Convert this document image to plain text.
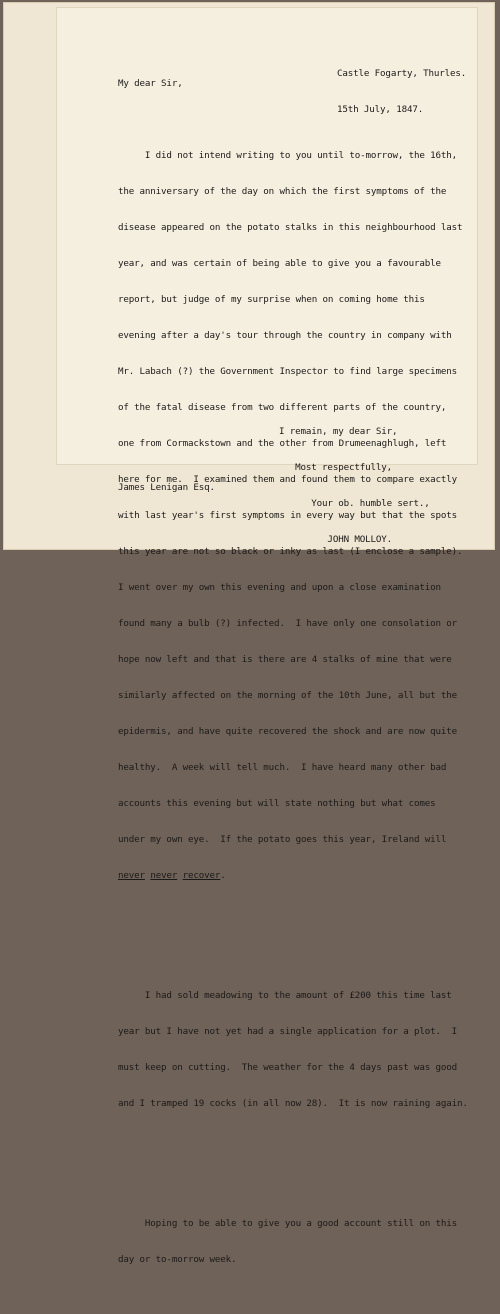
Castle Fogarty, Thurles.

15th July, 1847.

My dear Sir,

I did not intend writing to you until to-morrow, the 16th,

the anniversary of the day on which the first symptoms of the

disease appeared on the potato stalks in this neighbourhood last

year, and was certain of being able to give you a favourable

report, but judge of my surprise when on coming home this

evening after a day's tour through the country in company with

Mr. Labach (?) the Government Inspector to find large specimens

of the fatal disease from two different parts of the country,

one from Cormackstown and the other from Drumeenaghlugh, left

here for me.  I examined them and found them to compare exactly

with last year's first symptoms in every way but that the spots

this year are not so black or inky as last (I enclose a sample).

I went over my own this evening and upon a close examination

found many a bulb (?) infected.  I have only one consolation or

hope now left and that is there are 4 stalks of mine that were

similarly affected on the morning of the 10th June, all but the

epidermis, and have quite recovered the shock and are now quite

healthy.  A week will tell much.  I have heard many other bad

accounts this evening but will state nothing but what comes

under my own eye.  If the potato goes this year, Ireland will

never never recover.

I had sold meadowing to the amount of £200 this time last

year but I have not yet had a single application for a plot.  I

must keep on cutting.  The weather for the 4 days past was good

and I tramped 19 cocks (in all now 28).  It is now raining again.

Hoping to be able to give you a good account still on this

day or to-morrow week.

I remain, my dear Sir,

Most respectfully,

Your ob. humble sert.,

JOHN MOLLOY.

James Lenigan Esq.
